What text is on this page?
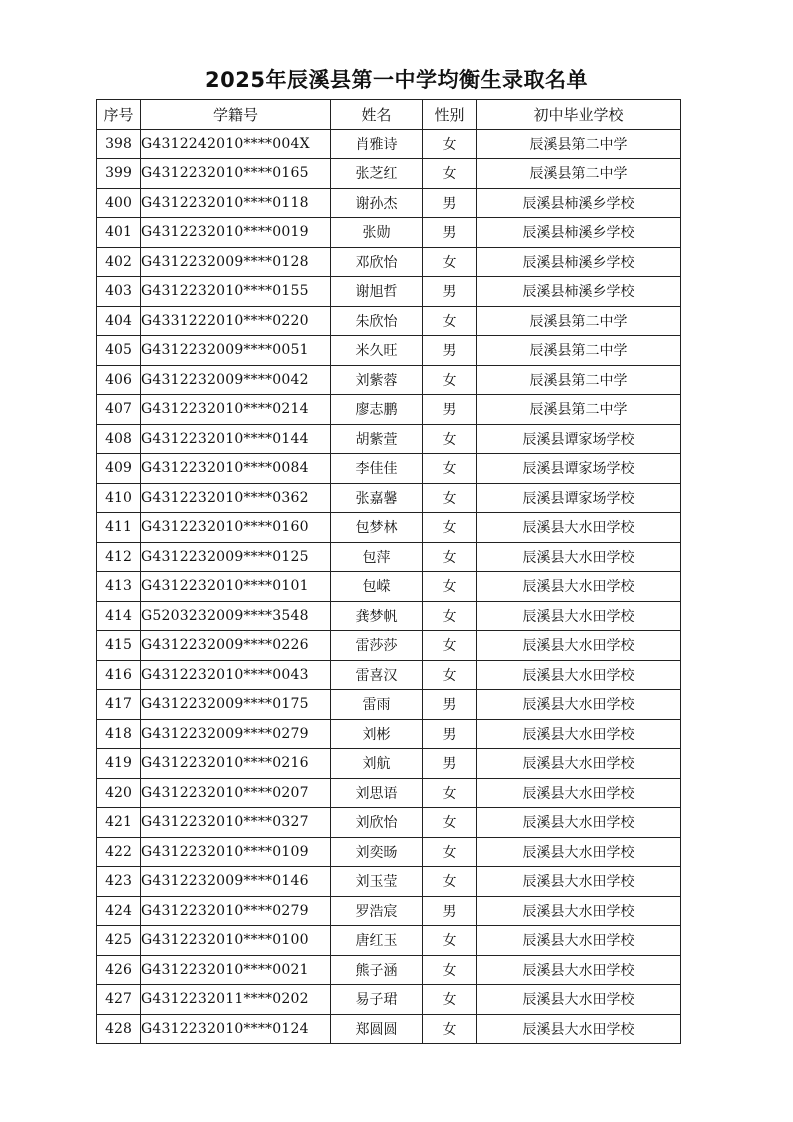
2025年辰溪县第一中学均衡生录取名单
序号	学籍号	姓名	性别	初中毕业学校
398	G4312242010****004X	肖雅诗	女	辰溪县第二中学
399	G4312232010****0165	张芝红	女	辰溪县第二中学
400	G4312232010****0118	谢孙杰	男	辰溪县柿溪乡学校
401	G4312232010****0019	张勋	男	辰溪县柿溪乡学校
402	G4312232009****0128	邓欣怡	女	辰溪县柿溪乡学校
403	G4312232010****0155	谢旭哲	男	辰溪县柿溪乡学校
404	G4331222010****0220	朱欣怡	女	辰溪县第二中学
405	G4312232009****0051	米久旺	男	辰溪县第二中学
406	G4312232009****0042	刘紫蓉	女	辰溪县第二中学
407	G4312232010****0214	廖志鹏	男	辰溪县第二中学
408	G4312232010****0144	胡紫萱	女	辰溪县谭家场学校
409	G4312232010****0084	李佳佳	女	辰溪县谭家场学校
410	G4312232010****0362	张嘉馨	女	辰溪县谭家场学校
411	G4312232010****0160	包梦林	女	辰溪县大水田学校
412	G4312232009****0125	包萍	女	辰溪县大水田学校
413	G4312232010****0101	包嵘	女	辰溪县大水田学校
414	G5203232009****3548	龚梦帆	女	辰溪县大水田学校
415	G4312232009****0226	雷莎莎	女	辰溪县大水田学校
416	G4312232010****0043	雷喜汉	女	辰溪县大水田学校
417	G4312232009****0175	雷雨	男	辰溪县大水田学校
418	G4312232009****0279	刘彬	男	辰溪县大水田学校
419	G4312232010****0216	刘航	男	辰溪县大水田学校
420	G4312232010****0207	刘思语	女	辰溪县大水田学校
421	G4312232010****0327	刘欣怡	女	辰溪县大水田学校
422	G4312232010****0109	刘奕旸	女	辰溪县大水田学校
423	G4312232009****0146	刘玉莹	女	辰溪县大水田学校
424	G4312232010****0279	罗浩宸	男	辰溪县大水田学校
425	G4312232010****0100	唐红玉	女	辰溪县大水田学校
426	G4312232010****0021	熊子涵	女	辰溪县大水田学校
427	G4312232011****0202	易子珺	女	辰溪县大水田学校
428	G4312232010****0124	郑圆圆	女	辰溪县大水田学校
